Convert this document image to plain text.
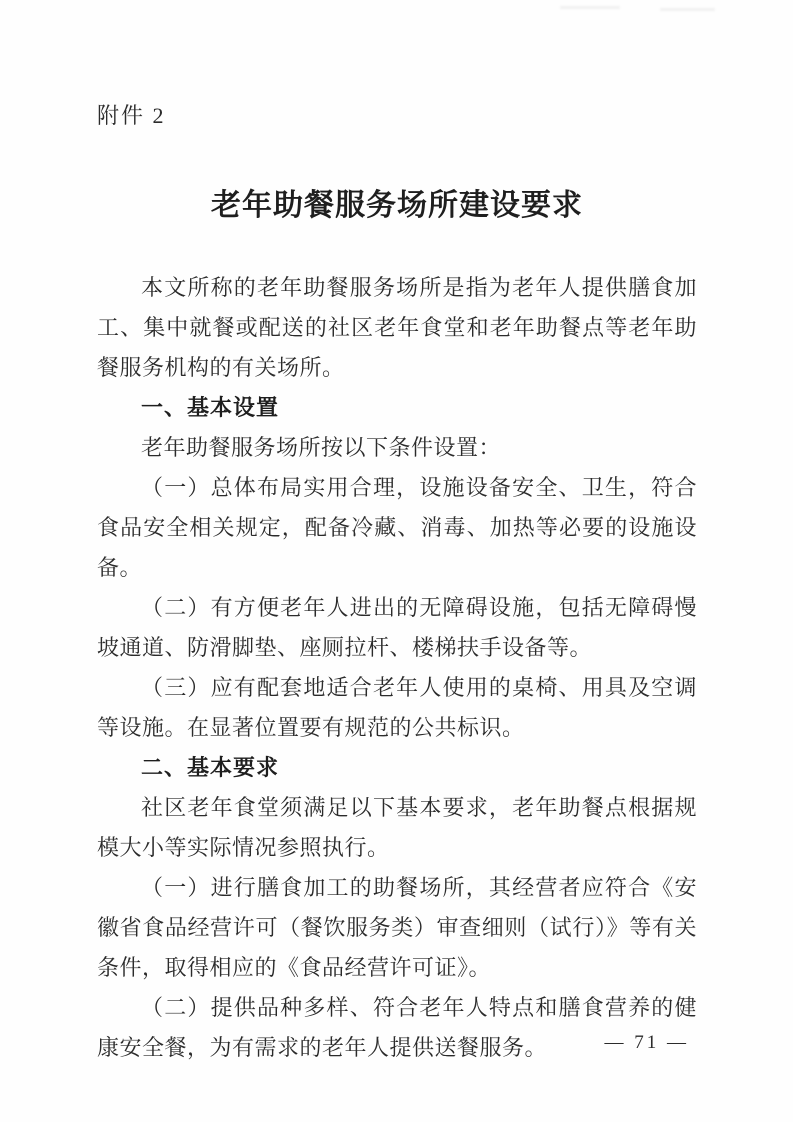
附件 2
老年助餐服务场所建设要求

本文所称的老年助餐服务场所是指为老年人提供膳食加工、集中就餐或配送的社区老年食堂和老年助餐点等老年助餐服务机构的有关场所。

一、基本设置

老年助餐服务场所按以下条件设置：

（一）总体布局实用合理，设施设备安全、卫生，符合食品安全相关规定，配备冷藏、消毒、加热等必要的设施设备。

（二）有方便老年人进出的无障碍设施，包括无障碍慢坡通道、防滑脚垫、座厕拉杆、楼梯扶手设备等。

（三）应有配套地适合老年人使用的桌椅、用具及空调等设施。在显著位置要有规范的公共标识。

二、基本要求

社区老年食堂须满足以下基本要求，老年助餐点根据规模大小等实际情况参照执行。

（一）进行膳食加工的助餐场所，其经营者应符合《安徽省食品经营许可（餐饮服务类）审查细则（试行）》等有关条件，取得相应的《食品经营许可证》。

（二）提供品种多样、符合老年人特点和膳食营养的健康安全餐，为有需求的老年人提供送餐服务。	— 71 —
